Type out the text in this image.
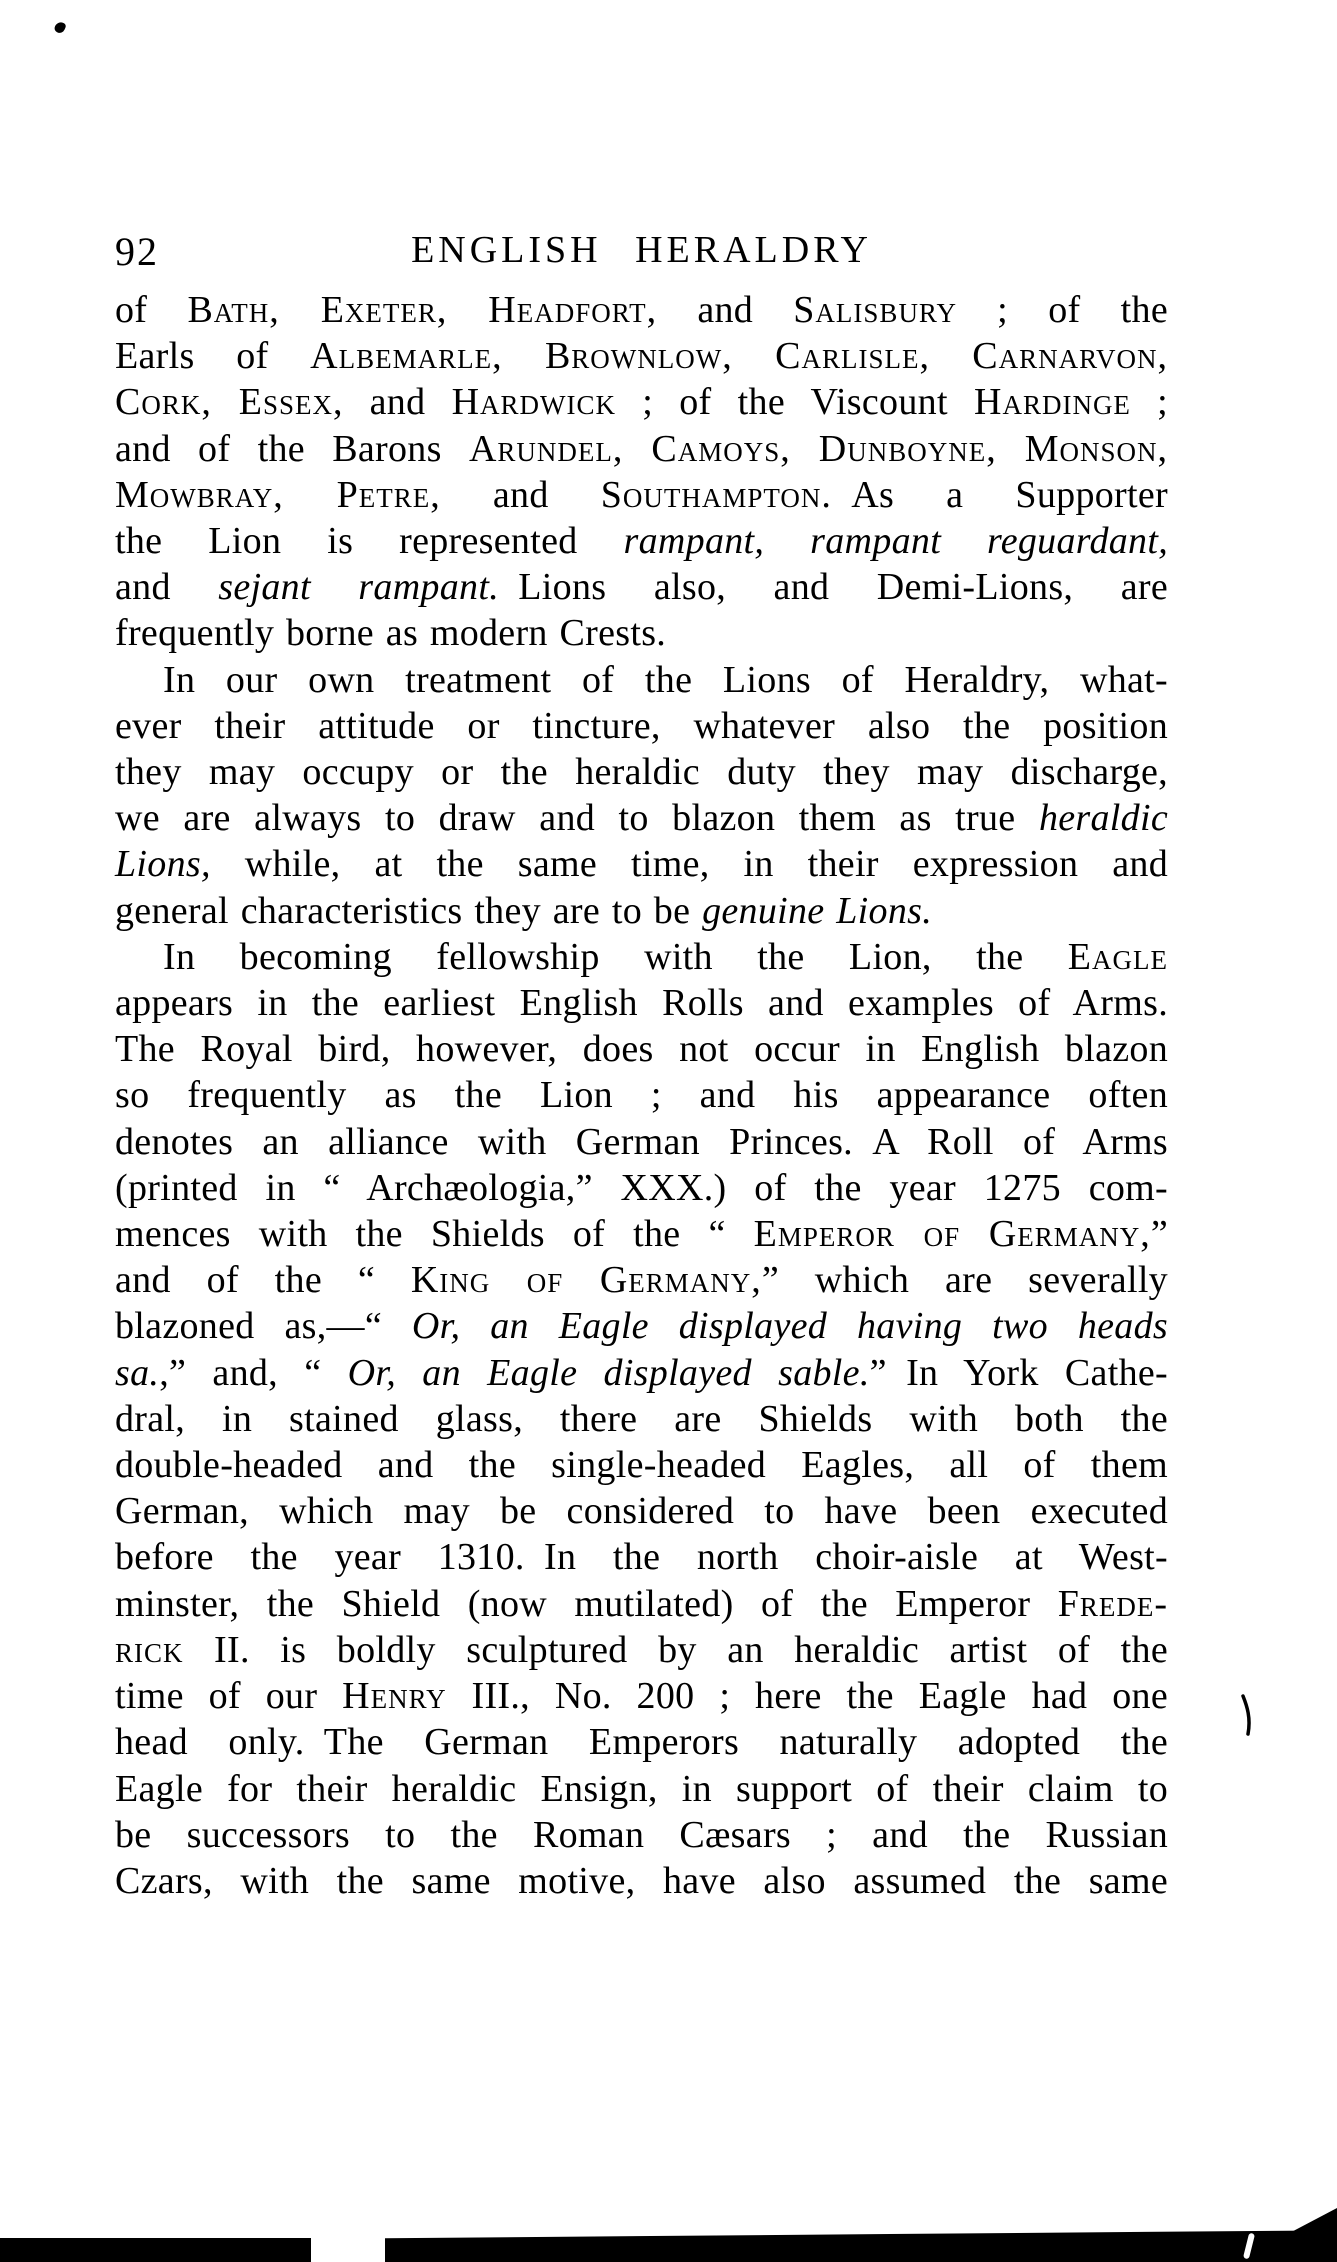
92	ENGLISH HERALDRY
of Bath, Exeter, Headfort, and Salisbury ; of the
Earls of Albemarle, Brownlow, Carlisle, Carnarvon,
Cork, Essex, and Hardwick ; of the Viscount Hardinge ;
and of the Barons Arundel, Camoys, Dunboyne, Monson,
Mowbray, Petre, and Southampton. As a Supporter
the Lion is represented rampant, rampant reguardant,
and sejant rampant. Lions also, and Demi-Lions, are
frequently borne as modern Crests.
In our own treatment of the Lions of Heraldry, what-
ever their attitude or tincture, whatever also the position
they may occupy or the heraldic duty they may discharge,
we are always to draw and to blazon them as true heraldic
Lions, while, at the same time, in their expression and
general characteristics they are to be genuine Lions.
In becoming fellowship with the Lion, the Eagle
appears in the earliest English Rolls and examples of Arms.
The Royal bird, however, does not occur in English blazon
so frequently as the Lion ; and his appearance often
denotes an alliance with German Princes. A Roll of Arms
(printed in “ Archæologia,” XXX.) of the year 1275 com-
mences with the Shields of the “ Emperor of Germany,”
and of the “ King of Germany,” which are severally
blazoned as,—“ Or, an Eagle displayed having two heads
sa.,” and, “ Or, an Eagle displayed sable.” In York Cathe-
dral, in stained glass, there are Shields with both the
double-headed and the single-headed Eagles, all of them
German, which may be considered to have been executed
before the year 1310. In the north choir-aisle at West-
minster, the Shield (now mutilated) of the Emperor Frede-
rick II. is boldly sculptured by an heraldic artist of the
time of our Henry III., No. 200 ; here the Eagle had one
head only. The German Emperors naturally adopted the
Eagle for their heraldic Ensign, in support of their claim to
be successors to the Roman Cæsars ; and the Russian
Czars, with the same motive, have also assumed the same
